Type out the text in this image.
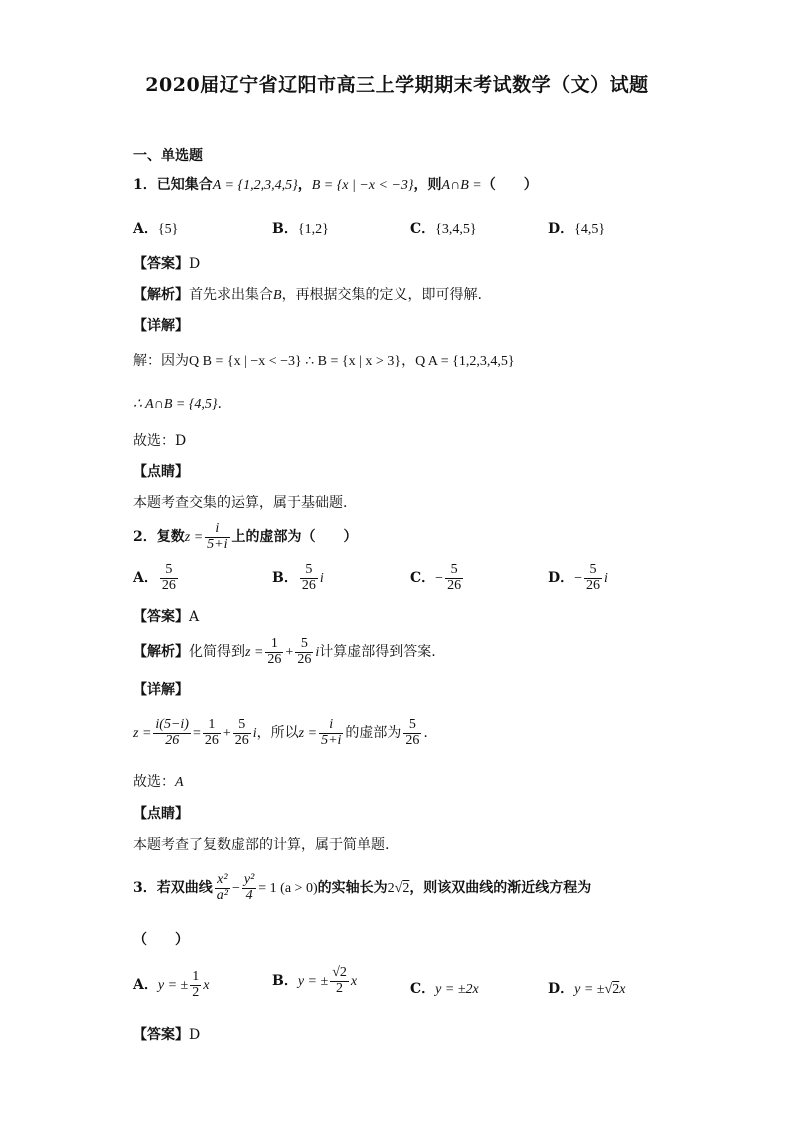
2020届辽宁省辽阳市高三上学期期末考试数学（文）试题
一、单选题
1．已知集合A = {1,2,3,4,5}，B = {x | −x < −3}，则A∩B =（　　）
A．{5}	B．{1,2}	C．{3,4,5}	D．{4,5}
【答案】D
【解析】首先求出集合B，再根据交集的定义，即可得解.
【详解】
解：因为Q B = {x | −x < −3} ∴ B = {x | x > 3}，Q A = {1,2,3,4,5}
∴ A∩B = {4,5}.
故选：D
【点睛】
本题考查交集的运算，属于基础题.
2．复数$z = \frac{i}{5+i}$ 上的虚部为（　　）
A． $\frac{5}{26}$	B． $\frac{5}{26}$ i	C．− $\frac{5}{26}$	D．− $\frac{5}{26}$ i
【答案】A
【解析】化简得到$z = \frac{1}{26} + \frac{5}{26}$ i计算虚部得到答案.
【详解】
$z = \frac{i(5-i)}{26} = \frac{1}{26} + \frac{5}{26}$ i，所以$z = \frac{i}{5+i}$ 的虚部为 $\frac{5}{26}$ .
故选：A
【点睛】
本题考查了复数虚部的计算，属于简单题.
3．若双曲线 $\frac{\text{x²}}{\text{a²}} - \frac{\text{y²}}{4} = 1$ (a > 0)的实轴长为2√2，则该双曲线的渐近线方程为
（　　）
A．y = ± $\frac{1}{2}$ x	B．y = ± $\frac{√2}{2}$ x	C．y = ±2x	D．y = ±√2x
【答案】D
